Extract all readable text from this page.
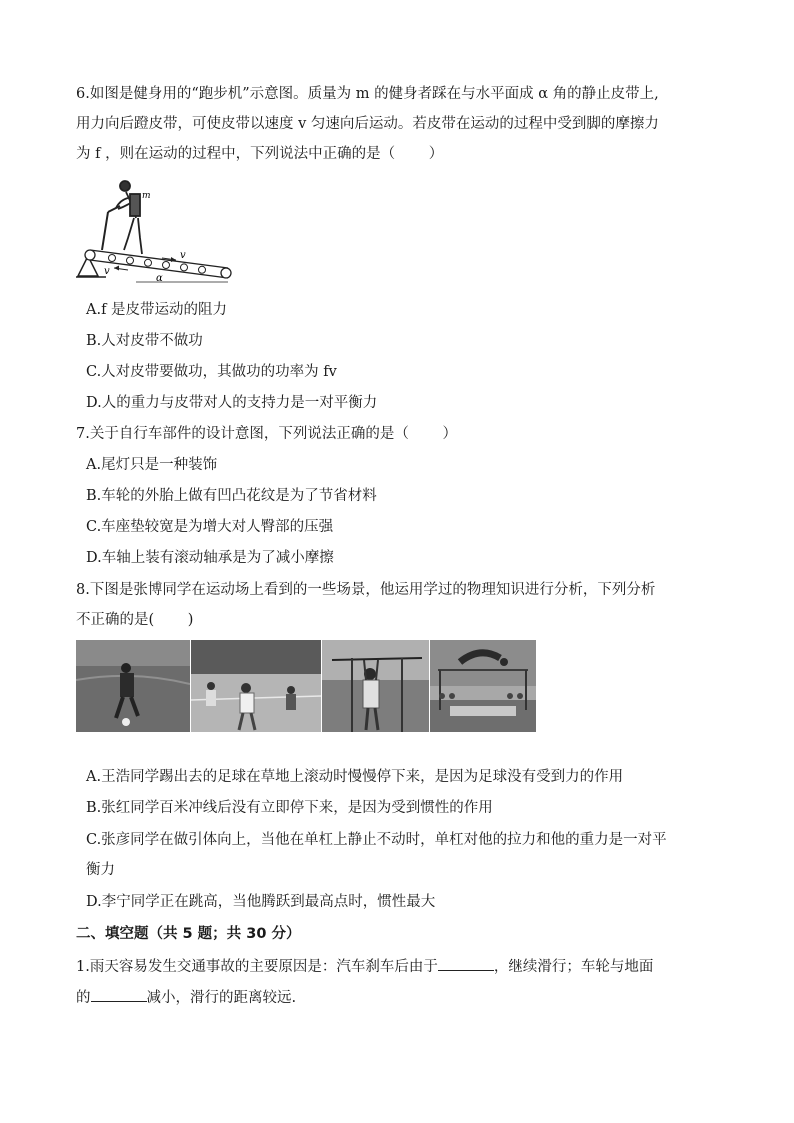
6.如图是健身用的“跑步机”示意图。质量为 m 的健身者踩在与水平面成 α 角的静止皮带上,
用力向后蹬皮带，可使皮带以速度 v 匀速向后运动。若皮带在运动的过程中受到脚的摩擦力
为 f ，则在运动的过程中，下列说法中正确的是（ 　　）
v
v
α
m
A.f 是皮带运动的阻力
B.人对皮带不做功
C.人对皮带要做功，其做功的功率为 fv
D.人的重力与皮带对人的支持力是一对平衡力
7.关于自行车部件的设计意图，下列说法正确的是（ 　　）
A.尾灯只是一种装饰
B.车轮的外胎上做有凹凸花纹是为了节省材料
C.车座垫较宽是为增大对人臀部的压强
D.车轴上装有滚动轴承是为了减小摩擦
8.下图是张博同学在运动场上看到的一些场景，他运用学过的物理知识进行分析，下列分析
不正确的是(　　 )
A.王浩同学踢出去的足球在草地上滚动时慢慢停下来，是因为足球没有受到力的作用
B.张红同学百米冲线后没有立即停下来，是因为受到惯性的作用
C.张彦同学在做引体向上，当他在单杠上静止不动时，单杠对他的拉力和他的重力是一对平
衡力
D.李宁同学正在跳高，当他腾跃到最高点时，惯性最大
二、填空题（共 5 题；共 30 分）
1.雨天容易发生交通事故的主要原因是：汽车刹车后由于	，继续滑行；车轮与地面
的	减小，滑行的距离较远.
